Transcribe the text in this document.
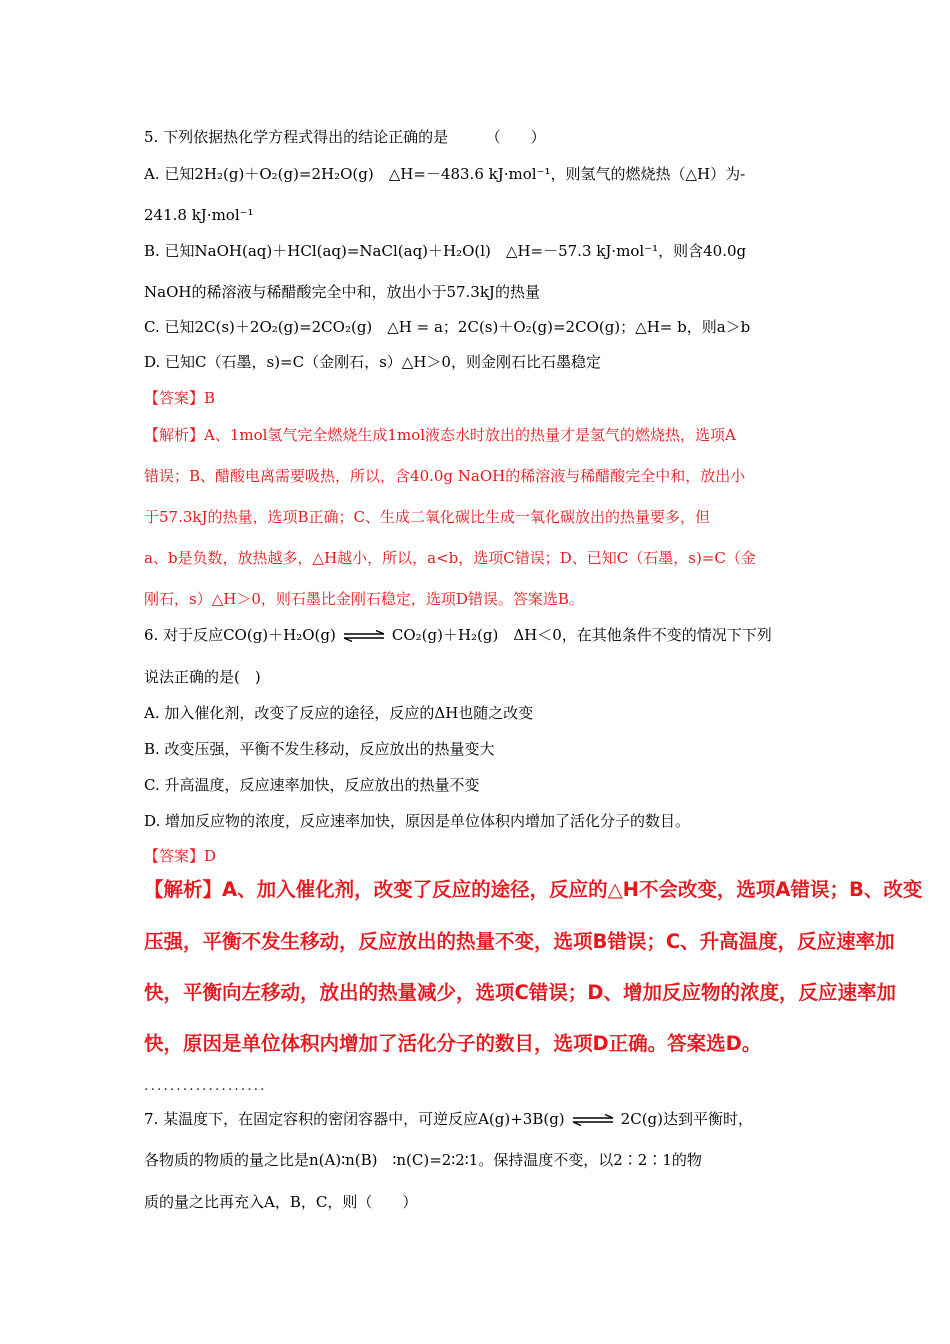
5. 下列依据热化学方程式得出的结论正确的是　　　（　　）
A. 已知2H₂(g)＋O₂(g)=2H₂O(g)　△H=－483.6 kJ·mol⁻¹，则氢气的燃烧热（△H）为-
241.8 kJ·mol⁻¹
B. 已知NaOH(aq)＋HCl(aq)=NaCl(aq)＋H₂O(l)　△H=－57.3 kJ·mol⁻¹，则含40.0g
NaOH的稀溶液与稀醋酸完全中和，放出小于57.3kJ的热量
C. 已知2C(s)＋2O₂(g)=2CO₂(g)　△H = a；2C(s)＋O₂(g)=2CO(g)；△H= b，则a＞b
D. 已知C（石墨，s)=C（金刚石，s）△H＞0，则金刚石比石墨稳定
【答案】B
【解析】A、1mol氢气完全燃烧生成1mol液态水时放出的热量才是氢气的燃烧热，选项A
错误；B、醋酸电离需要吸热，所以，含40.0g NaOH的稀溶液与稀醋酸完全中和，放出小
于57.3kJ的热量，选项B正确；C、生成二氧化碳比生成一氧化碳放出的热量要多，但
a、b是负数，放热越多，△H越小，所以，a<b，选项C错误；D、已知C（石墨，s)=C（金
刚石，s）△H＞0，则石墨比金刚石稳定，选项D错误。答案选B。
6. 对于反应CO(g)＋H₂O(g) ⇌ CO₂(g)＋H₂(g)　ΔH＜0，在其他条件不变的情况下下列
说法正确的是(　)
A. 加入催化剂，改变了反应的途径，反应的ΔH也随之改变
B. 改变压强，平衡不发生移动，反应放出的热量变大
C. 升高温度，反应速率加快，反应放出的热量不变
D. 增加反应物的浓度，反应速率加快，原因是单位体积内增加了活化分子的数目。
【答案】D
【解析】A、加入催化剂，改变了反应的途径，反应的△H不会改变，选项A错误；B、改变
压强，平衡不发生移动，反应放出的热量不变，选项B错误；C、升高温度，反应速率加
快，平衡向左移动，放出的热量减少，选项C错误；D、增加反应物的浓度，反应速率加
快，原因是单位体积内增加了活化分子的数目，选项D正确。答案选D。
...................
7. 某温度下，在固定容积的密闭容器中，可逆反应A(g)+3B(g) ⇌ 2C(g)达到平衡时，
各物质的物质的量之比是n(A)∶n(B)　∶n(C)=2∶2∶1。保持温度不变，以2∶2∶1的物
质的量之比再充入A，B，C，则（　　）
